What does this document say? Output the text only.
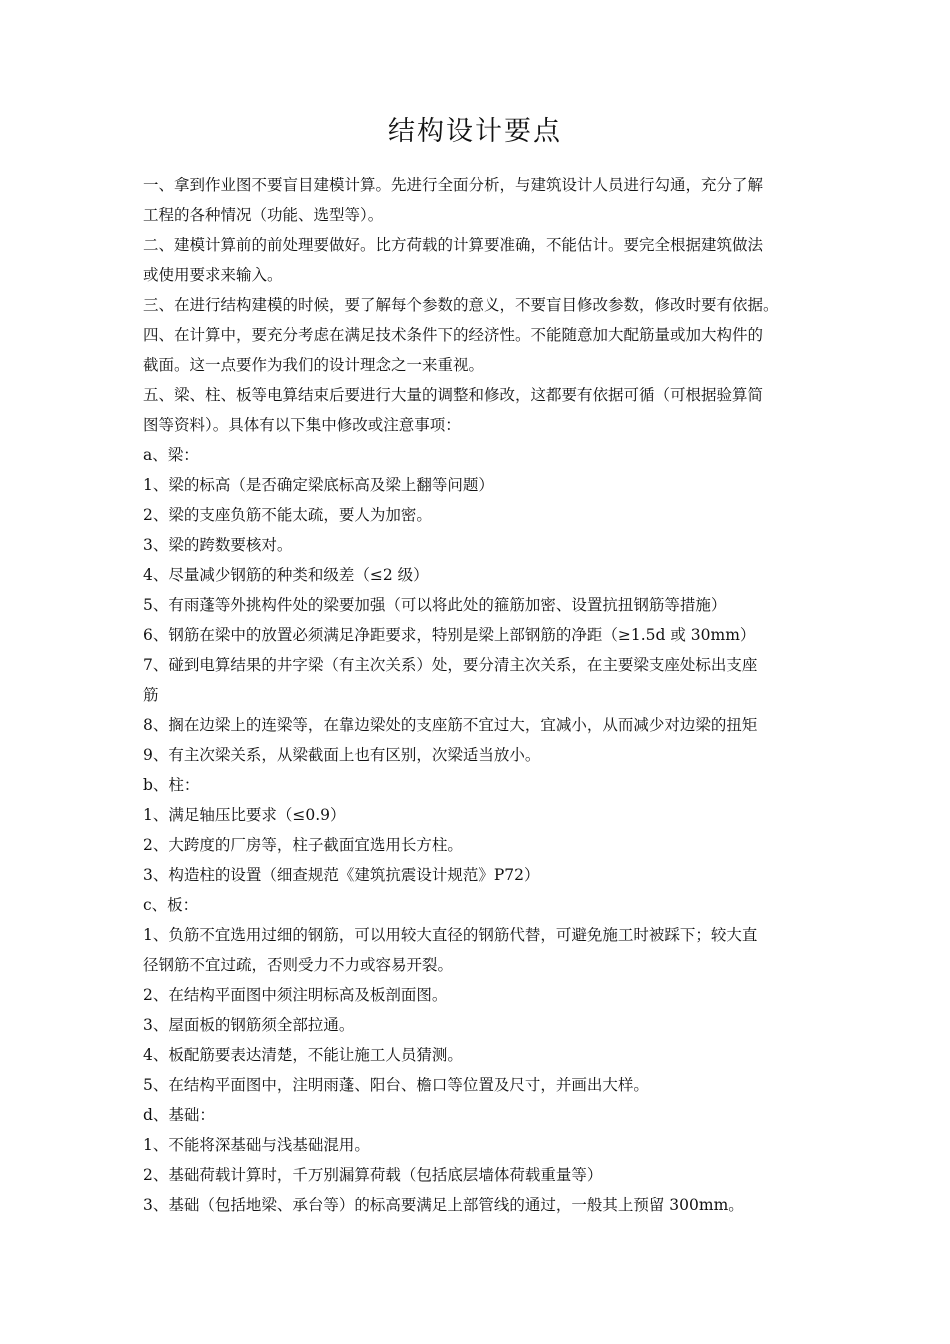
结构设计要点
一、拿到作业图不要盲目建模计算。先进行全面分析，与建筑设计人员进行勾通，充分了解
工程的各种情况（功能、选型等）。
二、建模计算前的前处理要做好。比方荷载的计算要准确，不能估计。要完全根据建筑做法
或使用要求来输入。
三、在进行结构建模的时候，要了解每个参数的意义，不要盲目修改参数，修改时要有依据。
四、在计算中，要充分考虑在满足技术条件下的经济性。不能随意加大配筋量或加大构件的
截面。这一点要作为我们的设计理念之一来重视。
五、梁、柱、板等电算结束后要进行大量的调整和修改，这都要有依据可循（可根据验算简
图等资料）。具体有以下集中修改或注意事项：
a、梁：
1、梁的标高（是否确定梁底标高及梁上翻等问题）
2、梁的支座负筋不能太疏，要人为加密。
3、梁的跨数要核对。
4、尽量减少钢筋的种类和级差（≤2 级）
5、有雨蓬等外挑构件处的梁要加强（可以将此处的箍筋加密、设置抗扭钢筋等措施）
6、钢筋在梁中的放置必须满足净距要求，特别是梁上部钢筋的净距（≥1.5d 或 30mm）
7、碰到电算结果的井字梁（有主次关系）处，要分清主次关系，在主要梁支座处标出支座
筋
8、搁在边梁上的连梁等，在靠边梁处的支座筋不宜过大，宜减小，从而减少对边梁的扭矩
9、有主次梁关系，从梁截面上也有区别，次梁适当放小。
b、柱：
1、满足轴压比要求（≤0.9）
2、大跨度的厂房等，柱子截面宜选用长方柱。
3、构造柱的设置（细查规范《建筑抗震设计规范》P72）
c、板：
1、负筋不宜选用过细的钢筋，可以用较大直径的钢筋代替，可避免施工时被踩下；较大直
径钢筋不宜过疏，否则受力不力或容易开裂。
2、在结构平面图中须注明标高及板剖面图。
3、屋面板的钢筋须全部拉通。
4、板配筋要表达清楚，不能让施工人员猜测。
5、在结构平面图中，注明雨蓬、阳台、檐口等位置及尺寸，并画出大样。
d、基础：
1、不能将深基础与浅基础混用。
2、基础荷载计算时，千万别漏算荷载（包括底层墙体荷载重量等）
3、基础（包括地梁、承台等）的标高要满足上部管线的通过，一般其上预留 300mm。
